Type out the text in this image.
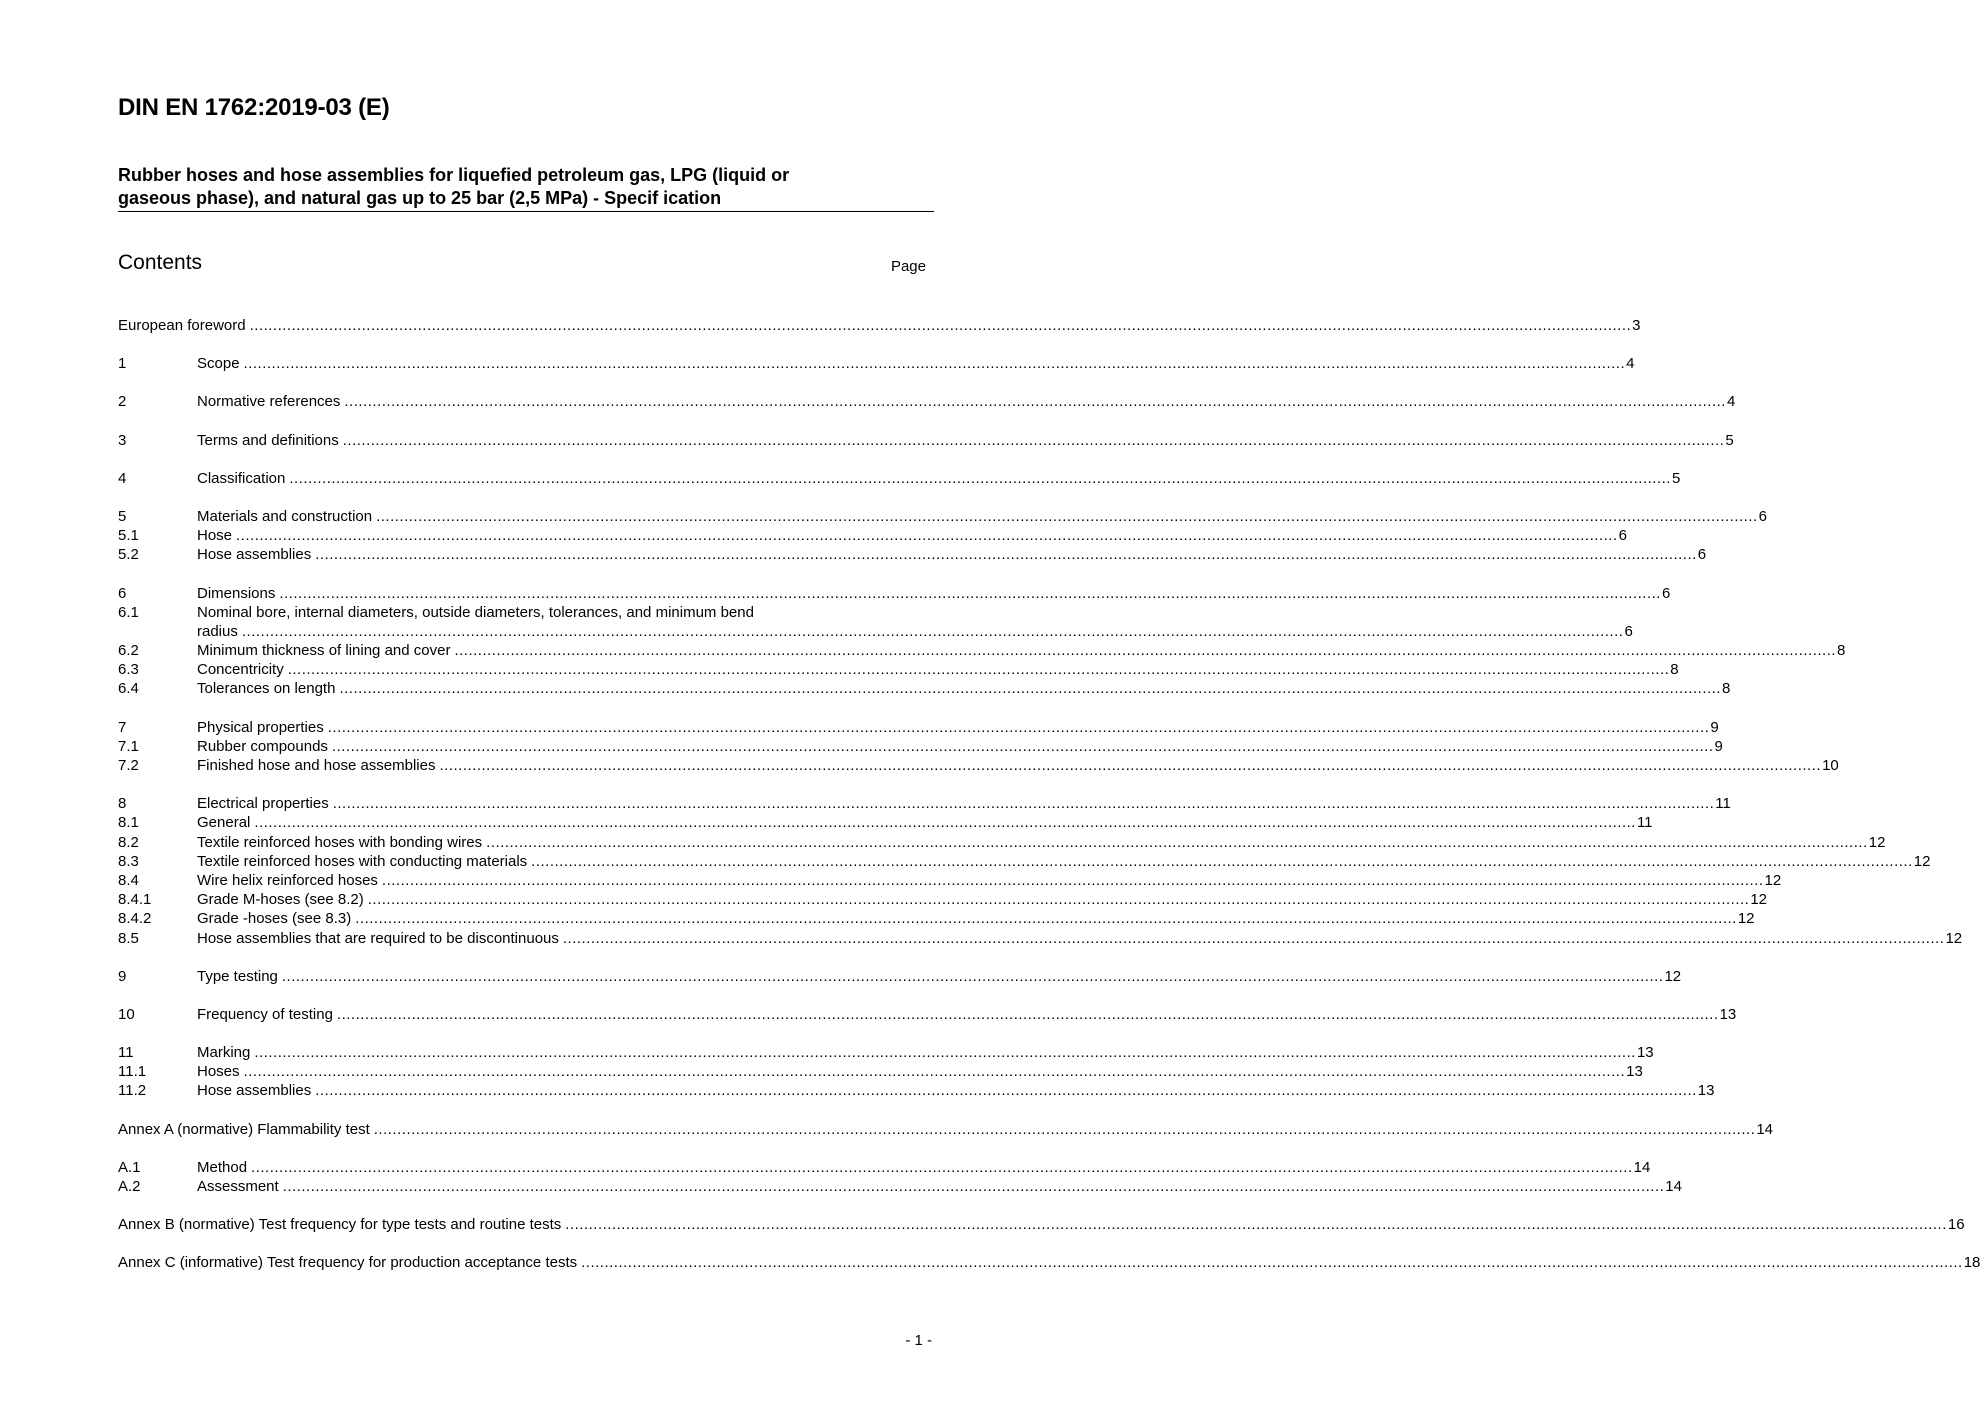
DIN EN 1762:2019-03 (E)
Rubber hoses and hose assemblies for liquefied petroleum gas, LPG (liquid or
gaseous phase), and natural gas up to 25 bar (2,5 MPa) - Specif ication
Contents	Page
European foreword .....	3
1	Scope .....	4
2	Normative references .....	4
3	Terms and definitions .....	5
4	Classification .....	5
5	Materials and construction .....	6
5.1	Hose .....	6
5.2	Hose assemblies .....	6
6	Dimensions .....	6
6.1	Nominal bore, internal diameters, outside diameters, tolerances, and minimum bend
radius .....	6
6.2	Minimum thickness of lining and cover .....	8
6.3	Concentricity .....	8
6.4	Tolerances on length .....	8
7	Physical properties .....	9
7.1	Rubber compounds .....	9
7.2	Finished hose and hose assemblies .....	10
8	Electrical properties .....	11
8.1	General .....	11
8.2	Textile reinforced hoses with bonding wires .....	12
8.3	Textile reinforced hoses with conducting materials .....	12
8.4	Wire helix reinforced hoses .....	12
8.4.1	Grade M-hoses (see 8.2) .....	12
8.4.2	Grade -hoses (see 8.3) .....	12
8.5	Hose assemblies that are required to be discontinuous .....	12
9	Type testing .....	12
10	Frequency of testing .....	13
11	Marking .....	13
11.1	Hoses .....	13
11.2	Hose assemblies .....	13
Annex A (normative) Flammability test .....	14
A.1	Method .....	14
A.2	Assessment .....	14
Annex B (normative) Test frequency for type tests and routine tests .....	16
Annex C (informative) Test frequency for production acceptance tests .....	18
- 1 -
